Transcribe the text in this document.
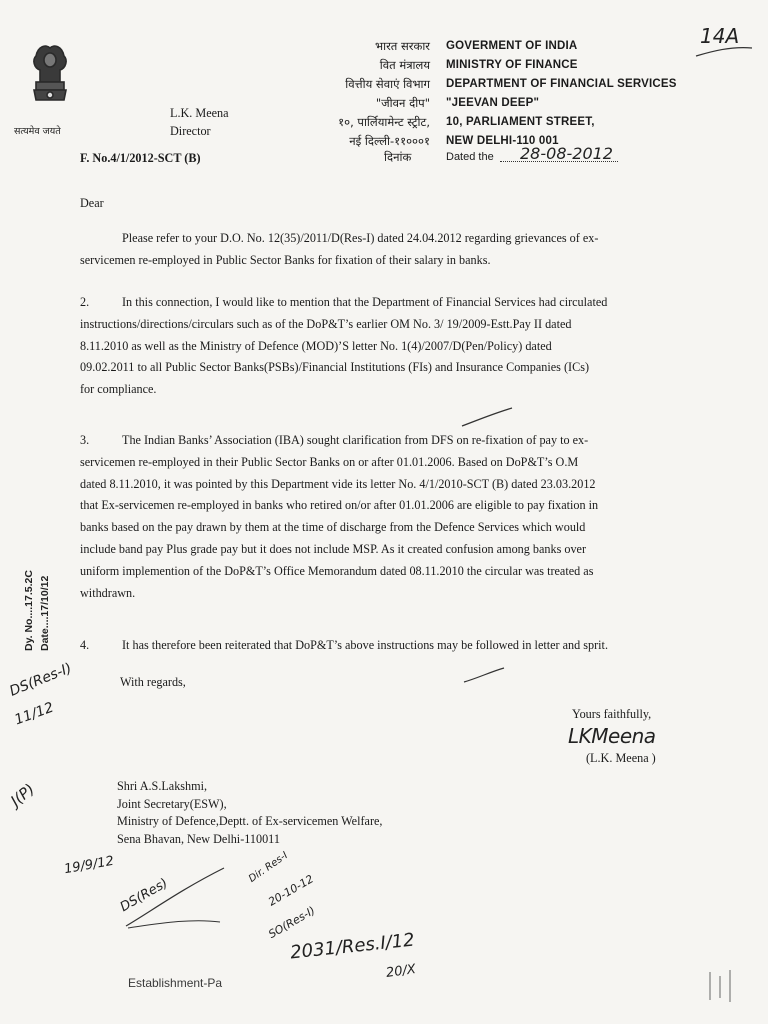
14A
सत्यमेव जयते
L.K. Meena
Director
भारत सरकार
वित मंत्रालय
वित्तीय सेवाएं विभाग
"जीवन दीप"
१०, पार्लियामेन्ट स्ट्रीट,
नई दिल्ली-११०००१
GOVERMENT OF INDIA
MINISTRY OF FINANCE
DEPARTMENT OF FINANCIAL SERVICES
"JEEVAN DEEP"
10, PARLIAMENT STREET,
NEW DELHI-110 001
F. No.4/1/2012-SCT (B)	दिनांक	Dated the 28-08-2012
Dear
Please refer to your D.O. No. 12(35)/2011/D(Res-I) dated 24.04.2012 regarding grievances of ex-
servicemen re-employed in Public Sector Banks for fixation of their salary in banks.
2.	In this connection, I would like to mention that the Department of Financial Services had circulated
instructions/directions/circulars such as of the DoP&T’s earlier OM No. 3/ 19/2009-Estt.Pay II dated
8.11.2010 as well as the Ministry of Defence (MOD)’S letter No. 1(4)/2007/D(Pen/Policy) dated
09.02.2011 to all Public Sector Banks(PSBs)/Financial Institutions (FIs) and Insurance Companies (ICs)
for compliance.
3.	The Indian Banks’ Association (IBA) sought clarification from DFS on re-fixation of pay to ex-
servicemen re-employed in their Public Sector Banks on or after 01.01.2006. Based on DoP&T’s O.M
dated 8.11.2010, it was pointed by this Department vide its letter No. 4/1/2010-SCT (B) dated 23.03.2012
that Ex-servicemen re-employed in banks who retired on/or after 01.01.2006 are eligible to pay fixation in
banks based on the pay drawn by them at the time of discharge from the Defence Services which would
include band pay Plus grade pay but it does not include MSP. As it created confusion among banks over
uniform implemention of the DoP&T’s Office Memorandum dated 08.11.2010 the circular was treated as
withdrawn.
4.	It has therefore been reiterated that DoP&T’s above instructions may be followed in letter and sprit.
With regards,
Yours faithfully,
LKMeena
(L.K. Meena )
Shri A.S.Lakshmi,
Joint Secretary(ESW),
Ministry of Defence,Deptt. of Ex-servicemen Welfare,
Sena Bhavan, New Delhi-110011
Dy. No....17.5.2C Date....17/10/12
DS(Res-I)
11/12
J(P)
19/9/12
DS(Res)
Dir. Res-I
20-10-12
SO(Res-I)
2031/Res.I/12
20/X
Establishment-Pa
